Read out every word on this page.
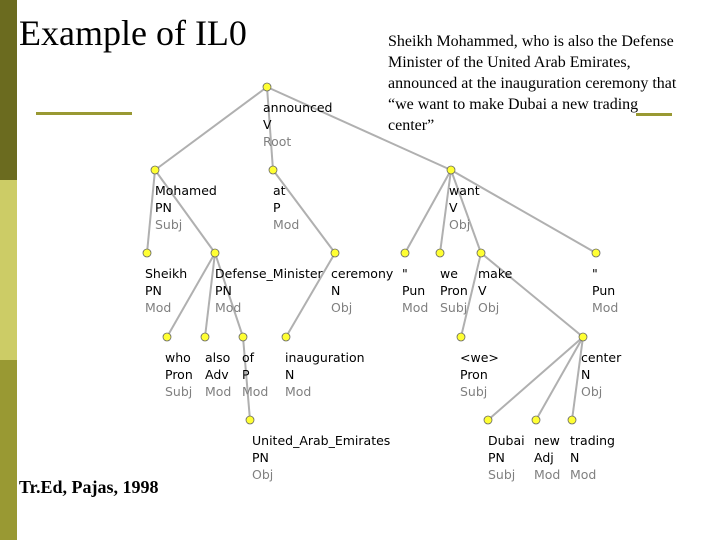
Example of IL0	Sheikh Mohammed, who is also the Defense Minister of the United Arab Emirates, announced at the inauguration ceremony that “we want to make Dubai a new trading center”
announced
V
Root
Mohamed
PN
Subj
at
P
Mod
want
V
Obj
Sheikh
PN
Mod
Defense_Minister
PN
Mod
ceremony
N
Obj
"
Pun
Mod
we
Pron
Subj
make
V
Obj
"
Pun
Mod
who
Pron
Subj
also
Adv
Mod
of
P
Mod
inauguration
N
Mod
<we>
Pron
Subj
center
N
Obj
United_Arab_Emirates
PN
Obj
Dubai
PN
Subj
new
Adj
Mod
trading
N
Mod
Tr.Ed, Pajas, 1998
